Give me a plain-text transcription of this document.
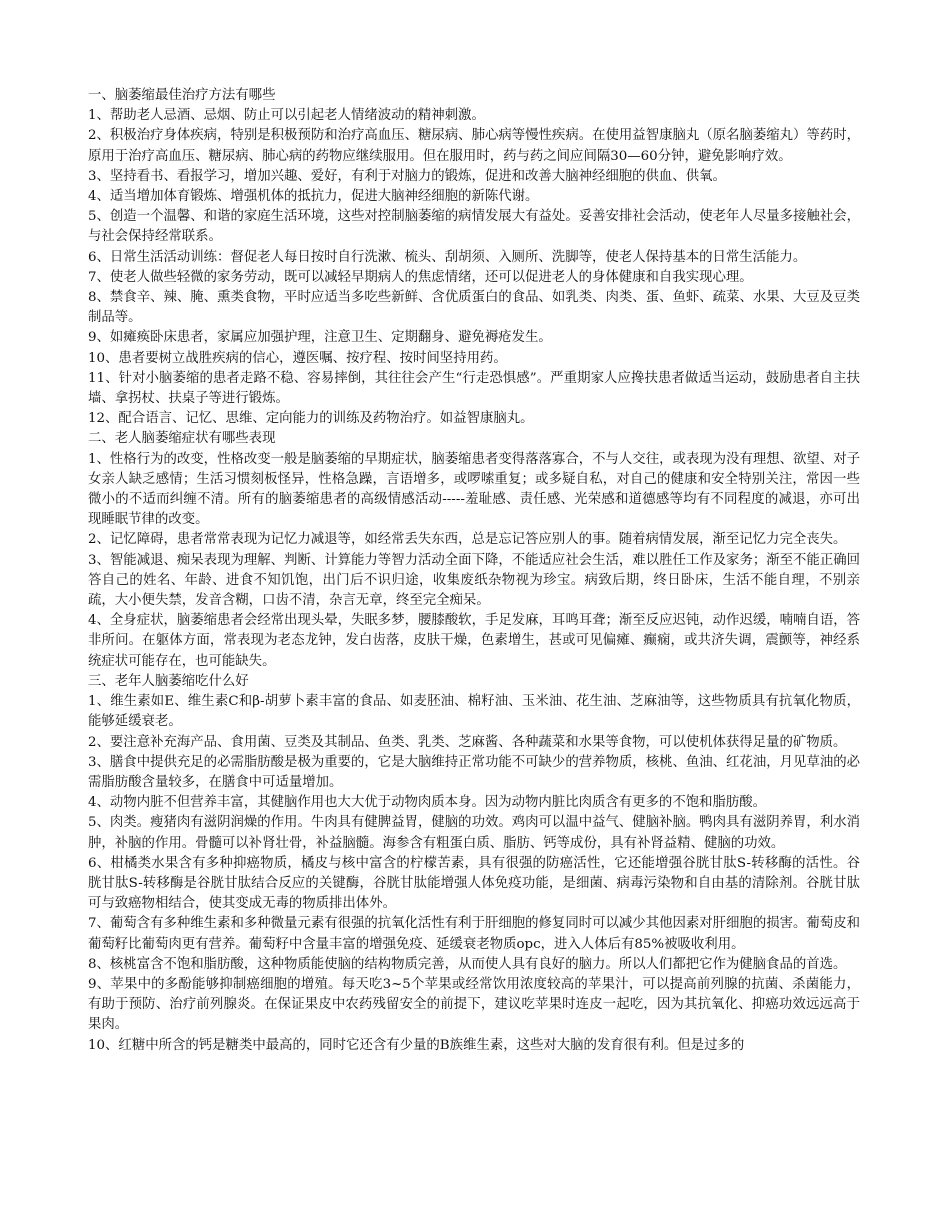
一、脑萎缩最佳治疗方法有哪些

1、帮助老人忌酒、忌烟、防止可以引起老人情绪波动的精神刺激。

2、积极治疗身体疾病，特别是积极预防和治疗高血压、糖尿病、肺心病等慢性疾病。在使用益智康脑丸（原名脑萎缩丸）等药时，原用于治疗高血压、糖尿病、肺心病的药物应继续服用。但在服用时，药与药之间应间隔30—60分钟，避免影响疗效。

3、坚持看书、看报学习，增加兴趣、爱好，有利于对脑力的锻炼，促进和改善大脑神经细胞的供血、供氧。

4、适当增加体育锻炼、增强机体的抵抗力，促进大脑神经细胞的新陈代谢。

5、创造一个温馨、和谐的家庭生活环境，这些对控制脑萎缩的病情发展大有益处。妥善安排社会活动，使老年人尽量多接触社会，与社会保持经常联系。

6、日常生活活动训练：督促老人每日按时自行洗漱、梳头、刮胡须、入厕所、洗脚等，使老人保持基本的日常生活能力。

7、使老人做些轻微的家务劳动，既可以减轻早期病人的焦虑情绪，还可以促进老人的身体健康和自我实现心理。

8、禁食辛、辣、腌、熏类食物，平时应适当多吃些新鲜、含优质蛋白的食品、如乳类、肉类、蛋、鱼虾、疏菜、水果、大豆及豆类制品等。

9、如瘫痪卧床患者，家属应加强护理，注意卫生、定期翻身、避免褥疮发生。

10、患者要树立战胜疾病的信心，遵医嘱、按疗程、按时间坚持用药。

11、针对小脑萎缩的患者走路不稳、容易摔倒，其往往会产生“行走恐惧感”。严重期家人应搀扶患者做适当运动，鼓励患者自主扶墙、拿拐杖、扶桌子等进行锻炼。

12、配合语言、记忆、思维、定向能力的训练及药物治疗。如益智康脑丸。

二、老人脑萎缩症状有哪些表现

1、性格行为的改变，性格改变一般是脑萎缩的早期症状，脑萎缩患者变得落落寡合，不与人交往，或表现为没有理想、欲望、对子女亲人缺乏感情；生活习惯刻板怪异，性格急躁，言语增多，或啰嗦重复；或多疑自私，对自己的健康和安全特别关注，常因一些微小的不适而纠缠不清。所有的脑萎缩患者的高级情感活动-----羞耻感、责任感、光荣感和道德感等均有不同程度的减退，亦可出现睡眠节律的改变。

2、记忆障碍，患者常常表现为记忆力减退等，如经常丢失东西，总是忘记答应别人的事。随着病情发展，渐至记忆力完全丧失。

3、智能减退、痴呆表现为理解、判断、计算能力等智力活动全面下降，不能适应社会生活，难以胜任工作及家务；渐至不能正确回答自己的姓名、年龄、进食不知饥饱，出门后不识归途，收集废纸杂物视为珍宝。病致后期，终日卧床，生活不能自理，不别亲疏，大小便失禁，发音含糊，口齿不清，杂言无章，终至完全痴呆。

4、全身症状，脑萎缩患者会经常出现头晕，失眠多梦，腰膝酸软，手足发麻，耳鸣耳聋；渐至反应迟钝，动作迟缓，喃喃自语，答非所问。在躯体方面，常表现为老态龙钟，发白齿落，皮肤干燥，色素增生，甚或可见偏瘫、癫痫，或共济失调，震颤等，神经系统症状可能存在，也可能缺失。

三、老年人脑萎缩吃什么好

1、维生素如E、维生素C和β-胡萝卜素丰富的食品、如麦胚油、棉籽油、玉米油、花生油、芝麻油等，这些物质具有抗氧化物质，能够延缓衰老。

2、要注意补充海产品、食用菌、豆类及其制品、鱼类、乳类、芝麻酱、各种蔬菜和水果等食物，可以使机体获得足量的矿物质。

3、膳食中提供充足的必需脂肪酸是极为重要的，它是大脑维持正常功能不可缺少的营养物质，核桃、鱼油、红花油，月见草油的必需脂肪酸含量较多，在膳食中可适量增加。

4、动物内脏不但营养丰富，其健脑作用也大大优于动物肉质本身。因为动物内脏比肉质含有更多的不饱和脂肪酸。

5、肉类。瘦猪肉有滋阴润燥的作用。牛肉具有健脾益胃，健脑的功效。鸡肉可以温中益气、健脑补脑。鸭肉具有滋阴养胃，利水消肿，补脑的作用。骨髓可以补肾壮骨，补益脑髓。海参含有粗蛋白质、脂肪、钙等成份，具有补肾益精、健脑的功效。

6、柑橘类水果含有多种抑癌物质，橘皮与核中富含的柠檬苦素，具有很强的防癌活性，它还能增强谷胱甘肽S-转移酶的活性。谷胱甘肽S-转移酶是谷胱甘肽结合反应的关键酶，谷胱甘肽能增强人体免疫功能，是细菌、病毒污染物和自由基的清除剂。谷胱甘肽可与致癌物相结合，使其变成无毒的物质排出体外。

7、葡萄含有多种维生素和多种微量元素有很强的抗氧化活性有利于肝细胞的修复同时可以减少其他因素对肝细胞的损害。葡萄皮和葡萄籽比葡萄肉更有营养。葡萄籽中含量丰富的增强免疫、延缓衰老物质opc，进入人体后有85%被吸收利用。

8、核桃富含不饱和脂肪酸，这种物质能使脑的结构物质完善，从而使人具有良好的脑力。所以人们都把它作为健脑食品的首选。

9、苹果中的多酚能够抑制癌细胞的增殖。每天吃3~5个苹果或经常饮用浓度较高的苹果汁，可以提高前列腺的抗菌、杀菌能力，有助于预防、治疗前列腺炎。在保证果皮中农药残留安全的前提下，建议吃苹果时连皮一起吃，因为其抗氧化、抑癌功效远远高于果肉。

10、红糖中所含的钙是糖类中最高的，同时它还含有少量的B族维生素，这些对大脑的发育很有利。但是过多的
